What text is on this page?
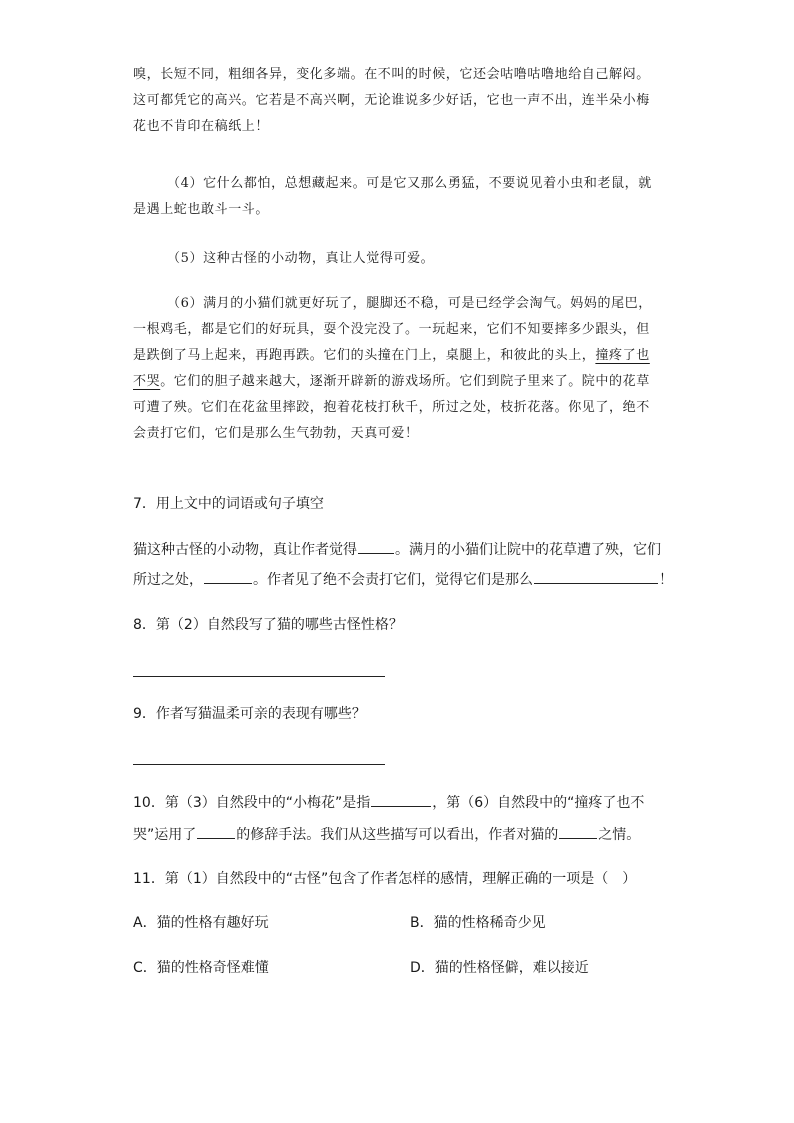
嗅，长短不同，粗细各异，变化多端。在不叫的时候，它还会咕噜咕噜地给自己解闷。

这可都凭它的高兴。它若是不高兴啊，无论谁说多少好话，它也一声不出，连半朵小梅

花也不肯印在稿纸上！

（4）它什么都怕，总想藏起来。可是它又那么勇猛，不要说见着小虫和老鼠，就

是遇上蛇也敢斗一斗。

（5）这种古怪的小动物，真让人觉得可爱。

（6）满月的小猫们就更好玩了，腿脚还不稳，可是已经学会淘气。妈妈的尾巴，

一根鸡毛，都是它们的好玩具，耍个没完没了。一玩起来，它们不知要摔多少跟头，但

是跌倒了马上起来，再跑再跌。它们的头撞在门上，桌腿上，和彼此的头上，撞疼了也

不哭。它们的胆子越来越大，逐渐开辟新的游戏场所。它们到院子里来了。院中的花草

可遭了殃。它们在花盆里摔跤，抱着花枝打秋千，所过之处，枝折花落。你见了，绝不

会责打它们，它们是那么生气勃勃，天真可爱！

7．用上文中的词语或句子填空
猫这种古怪的小动物，真让作者觉得	。满月的小猫们让院中的花草遭了殃，它们
所过之处，	。作者见了绝不会责打它们，觉得它们是那么	！
8．第（2）自然段写了猫的哪些古怪性格？
9．作者写猫温柔可亲的表现有哪些？
10．第（3）自然段中的“小梅花”是指	，第（6）自然段中的“撞疼了也不
哭”运用了	的修辞手法。我们从这些描写可以看出，作者对猫的	之情。
11．第（1）自然段中的“古怪”包含了作者怎样的感情，理解正确的一项是（　）
A．猫的性格有趣好玩	B．猫的性格稀奇少见
C．猫的性格奇怪难懂	D．猫的性格怪僻，难以接近
